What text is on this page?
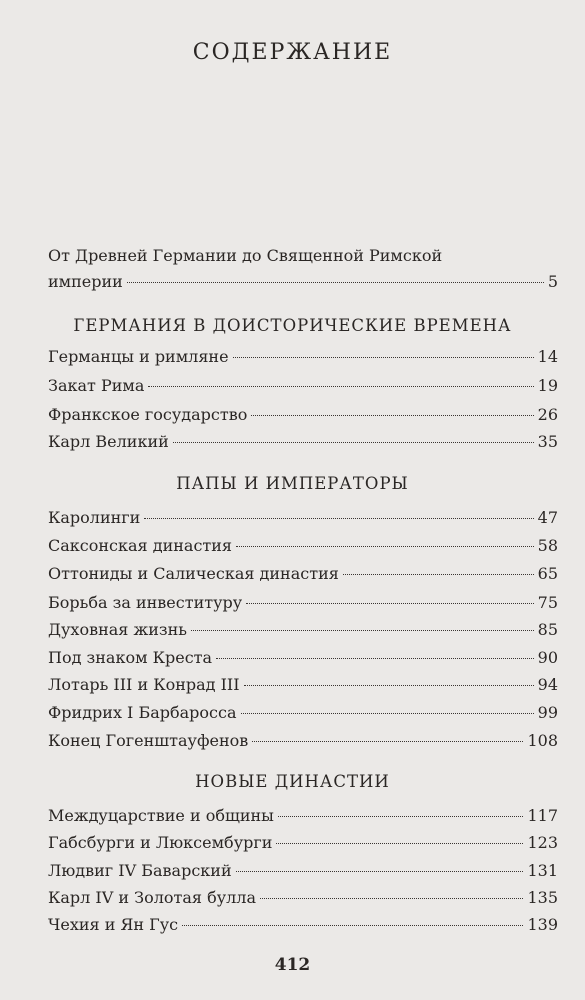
СОДЕРЖАНИЕ
От Древней Германии до Священной Римской
империи	5
ГЕРМАНИЯ В ДОИСТОРИЧЕСКИЕ ВРЕМЕНА
Германцы и римляне	14
Закат Рима	19
Франкское государство	26
Карл Великий	35
ПАПЫ И ИМПЕРАТОРЫ
Каролинги	47
Саксонская династия	58
Оттониды и Салическая династия	65
Борьба за инвеституру	75
Духовная жизнь	85
Под знаком Креста	90
Лотарь III и Конрад III	94
Фридрих I Барбаросса	99
Конец Гогенштауфенов	108
НОВЫЕ ДИНАСТИИ
Междуцарствие и общины	117
Габсбурги и Люксембурги	123
Людвиг IV Баварский	131
Карл IV и Золотая булла	135
Чехия и Ян Гус	139
412
